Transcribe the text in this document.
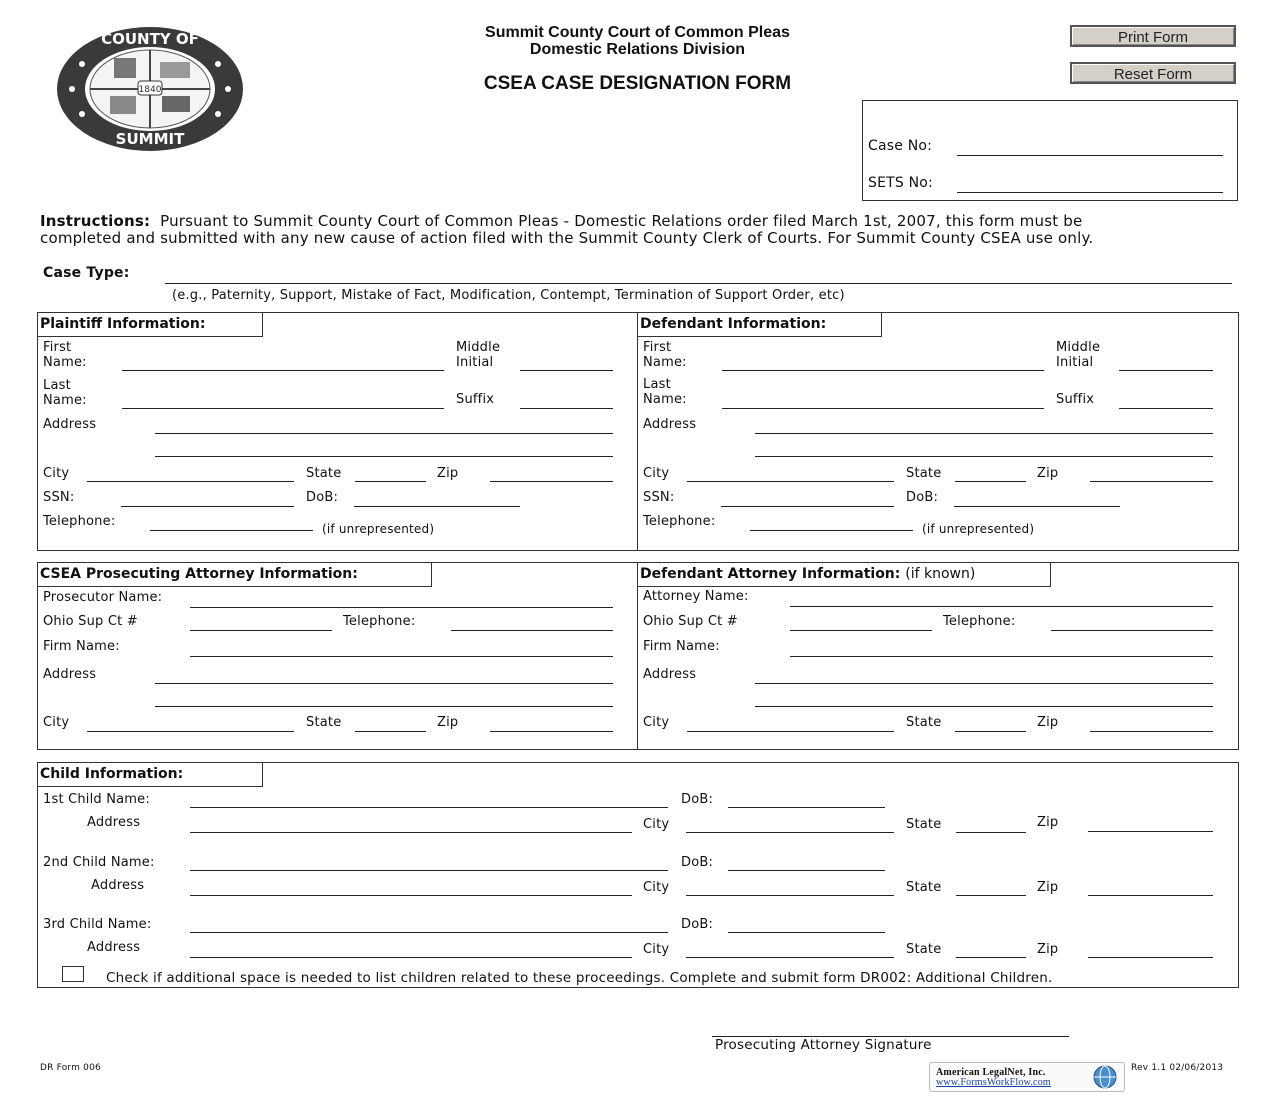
1840
COUNTY OF
SUMMIT
Summit County Court of Common Pleas
Domestic Relations Division
CSEA CASE DESIGNATION FORM
Print Form
Reset Form
Case No:
SETS No:
Instructions: Pursuant to Summit County Court of Common Pleas - Domestic Relations order filed March 1st, 2007, this form must be
completed and submitted with any new cause of action filed with the Summit County Clerk of Courts. For Summit County CSEA use only.
Case Type:
(e.g., Paternity, Support, Mistake of Fact, Modification, Contempt, Termination of Support Order, etc)
Plaintiff Information:	Defendant Information:
First
Name:
Middle
Initial
Last
Name:	Suffix
Address
City	State	Zip
SSN:	DoB:
Telephone:	(if unrepresented)
First
Name:
Middle
Initial
Last
Name:	Suffix
Address
City	State	Zip
SSN:	DoB:
Telephone:	(if unrepresented)
CSEA Prosecuting Attorney Information:	Defendant Attorney Information: (if known)
Prosecutor Name:
Ohio Sup Ct #	Telephone:
Firm Name:
Address
City	State	Zip
Attorney Name:
Ohio Sup Ct #	Telephone:
Firm Name:
Address
City	State	Zip
Child Information:
1st Child Name:	DoB:
Address	City	State	Zip
2nd Child Name:	DoB:
Address	City	State	Zip
3rd Child Name:	DoB:
Address	City	State	Zip
Check if additional space is needed to list children related to these proceedings. Complete and submit form DR002: Additional Children.
Prosecuting Attorney Signature
DR Form 006	American LegalNet, Inc.
www.FormsWorkFlow.com
Rev 1.1 02/06/2013
